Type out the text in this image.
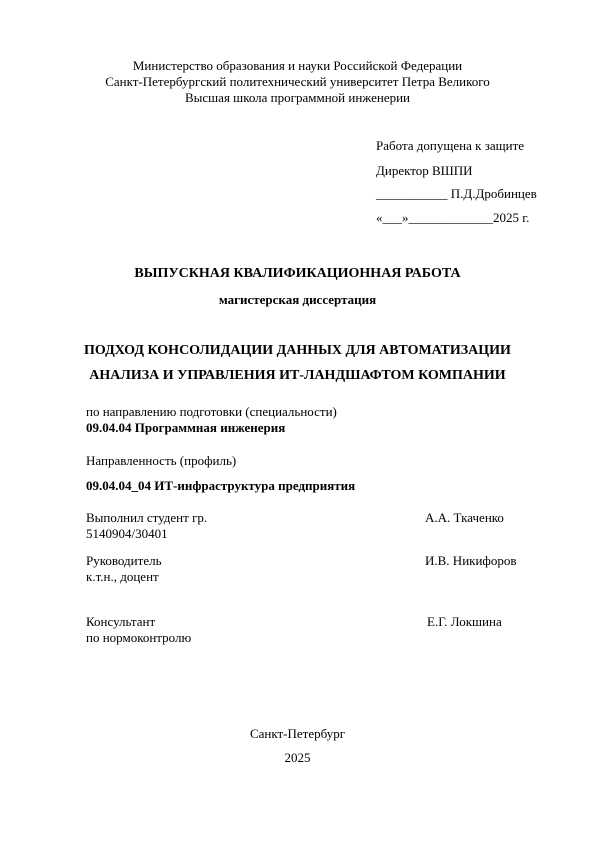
Министерство образования и науки Российской Федерации
Санкт-Петербургский политехнический университет Петра Великого
Высшая школа программной инженерии
Работа допущена к защите
Директор ВШПИ
___________ П.Д.Дробинцев
«___»_____________2025 г.
ВЫПУСКНАЯ КВАЛИФИКАЦИОННАЯ РАБОТА
магистерская диссертация
ПОДХОД КОНСОЛИДАЦИИ ДАННЫХ ДЛЯ АВТОМАТИЗАЦИИ
АНАЛИЗА И УПРАВЛЕНИЯ ИТ-ЛАНДШАФТОМ КОМПАНИИ
по направлению подготовки (специальности)
09.04.04 Программная инженерия
Направленность (профиль)
09.04.04_04 ИТ-инфраструктура предприятия
Выполнил студент гр.
5140904/30401
А.А. Ткаченко
Руководитель
к.т.н., доцент
И.В. Никифоров
Консультант
по нормоконтролю
Е.Г. Локшина
Санкт-Петербург
2025
